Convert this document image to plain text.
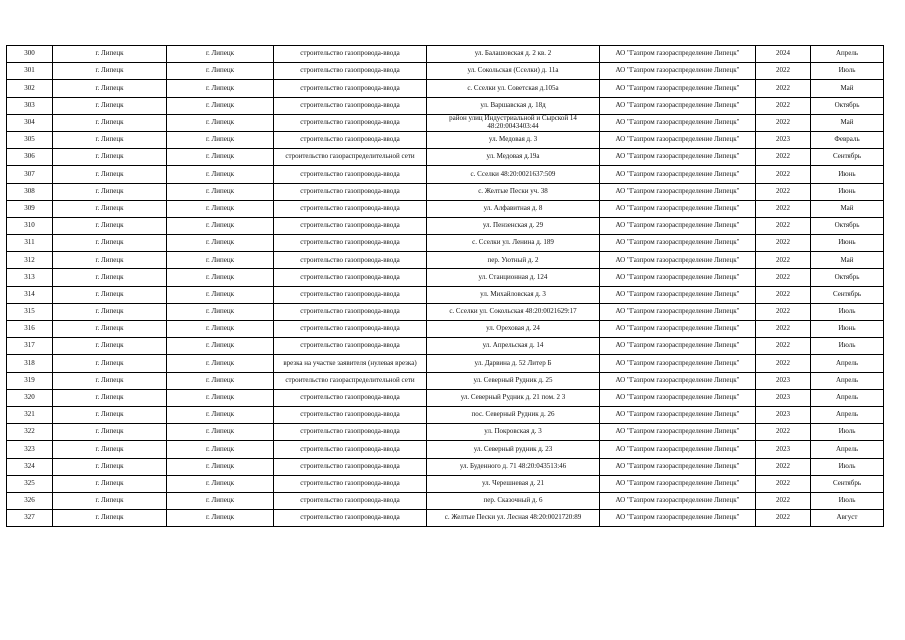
300	г. Липецк	г. Липецк	строительство газопровода-ввода	ул. Балашовская д. 2 кв. 2	АО "Газпром газораспределение Липецк"	2024	Апрель
301	г. Липецк	г. Липецк	строительство газопровода-ввода	ул. Сокольская (Сселки) д. 11а	АО "Газпром газораспределение Липецк"	2022	Июль
302	г. Липецк	г. Липецк	строительство газопровода-ввода	с. Сселки ул. Советская д.105а	АО "Газпром газораспределение Липецк"	2022	Май
303	г. Липецк	г. Липецк	строительство газопровода-ввода	ул. Варшавская д. 18д	АО "Газпром газораспределение Липецк"	2022	Октябрь
304	г. Липецк	г. Липецк	строительство газопровода-ввода	район улиц Индустриальной и Сырской 14 48:20:0043403:44	АО "Газпром газораспределение Липецк"	2022	Май
305	г. Липецк	г. Липецк	строительство газопровода-ввода	ул. Медовая д. 3	АО "Газпром газораспределение Липецк"	2023	Февраль
306	г. Липецк	г. Липецк	строительство газораспределительной сети	ул. Медовая д.19а	АО "Газпром газораспределение Липецк"	2022	Сентябрь
307	г. Липецк	г. Липецк	строительство газопровода-ввода	с. Сселки 48:20:0021637:509	АО "Газпром газораспределение Липецк"	2022	Июнь
308	г. Липецк	г. Липецк	строительство газопровода-ввода	с. Желтые Пески уч. 38	АО "Газпром газораспределение Липецк"	2022	Июнь
309	г. Липецк	г. Липецк	строительство газопровода-ввода	ул. Алфавитная д. 8	АО "Газпром газораспределение Липецк"	2022	Май
310	г. Липецк	г. Липецк	строительство газопровода-ввода	ул. Пензенская д. 29	АО "Газпром газораспределение Липецк"	2022	Октябрь
311	г. Липецк	г. Липецк	строительство газопровода-ввода	с. Сселки ул. Ленина д. 189	АО "Газпром газораспределение Липецк"	2022	Июнь
312	г. Липецк	г. Липецк	строительство газопровода-ввода	пер. Уютный д. 2	АО "Газпром газораспределение Липецк"	2022	Май
313	г. Липецк	г. Липецк	строительство газопровода-ввода	ул. Станционная д. 124	АО "Газпром газораспределение Липецк"	2022	Октябрь
314	г. Липецк	г. Липецк	строительство газопровода-ввода	ул. Михайловская д. 3	АО "Газпром газораспределение Липецк"	2022	Сентябрь
315	г. Липецк	г. Липецк	строительство газопровода-ввода	с. Сселки ул. Сокольская 48:20:0021629:17	АО "Газпром газораспределение Липецк"	2022	Июль
316	г. Липецк	г. Липецк	строительство газопровода-ввода	ул. Ореховая д. 24	АО "Газпром газораспределение Липецк"	2022	Июнь
317	г. Липецк	г. Липецк	строительство газопровода-ввода	ул. Апрельская д. 14	АО "Газпром газораспределение Липецк"	2022	Июль
318	г. Липецк	г. Липецк	врезка на участке заявителя (нулевая врезка)	ул. Дарвина д. 52 Литер Б	АО "Газпром газораспределение Липецк"	2022	Апрель
319	г. Липецк	г. Липецк	строительство газораспределительной сети	ул. Северный Рудник д. 25	АО "Газпром газораспределение Липецк"	2023	Апрель
320	г. Липецк	г. Липецк	строительство газопровода-ввода	ул. Северный Рудник д. 21 пом. 2 3	АО "Газпром газораспределение Липецк"	2023	Апрель
321	г. Липецк	г. Липецк	строительство газопровода-ввода	пос. Северный Рудник д. 26	АО "Газпром газораспределение Липецк"	2023	Апрель
322	г. Липецк	г. Липецк	строительство газопровода-ввода	ул. Покровская д. 3	АО "Газпром газораспределение Липецк"	2022	Июль
323	г. Липецк	г. Липецк	строительство газопровода-ввода	ул. Северный рудник д. 23	АО "Газпром газораспределение Липецк"	2023	Апрель
324	г. Липецк	г. Липецк	строительство газопровода-ввода	ул. Буденного д. 71 48:20:043513:46	АО "Газпром газораспределение Липецк"	2022	Июль
325	г. Липецк	г. Липецк	строительство газопровода-ввода	ул. Черешневая д. 21	АО "Газпром газораспределение Липецк"	2022	Сентябрь
326	г. Липецк	г. Липецк	строительство газопровода-ввода	пер. Сказочный д. 6	АО "Газпром газораспределение Липецк"	2022	Июль
327	г. Липецк	г. Липецк	строительство газопровода-ввода	с. Желтые Пески ул. Лесная 48:20:0021720:89	АО "Газпром газораспределение Липецк"	2022	Август
